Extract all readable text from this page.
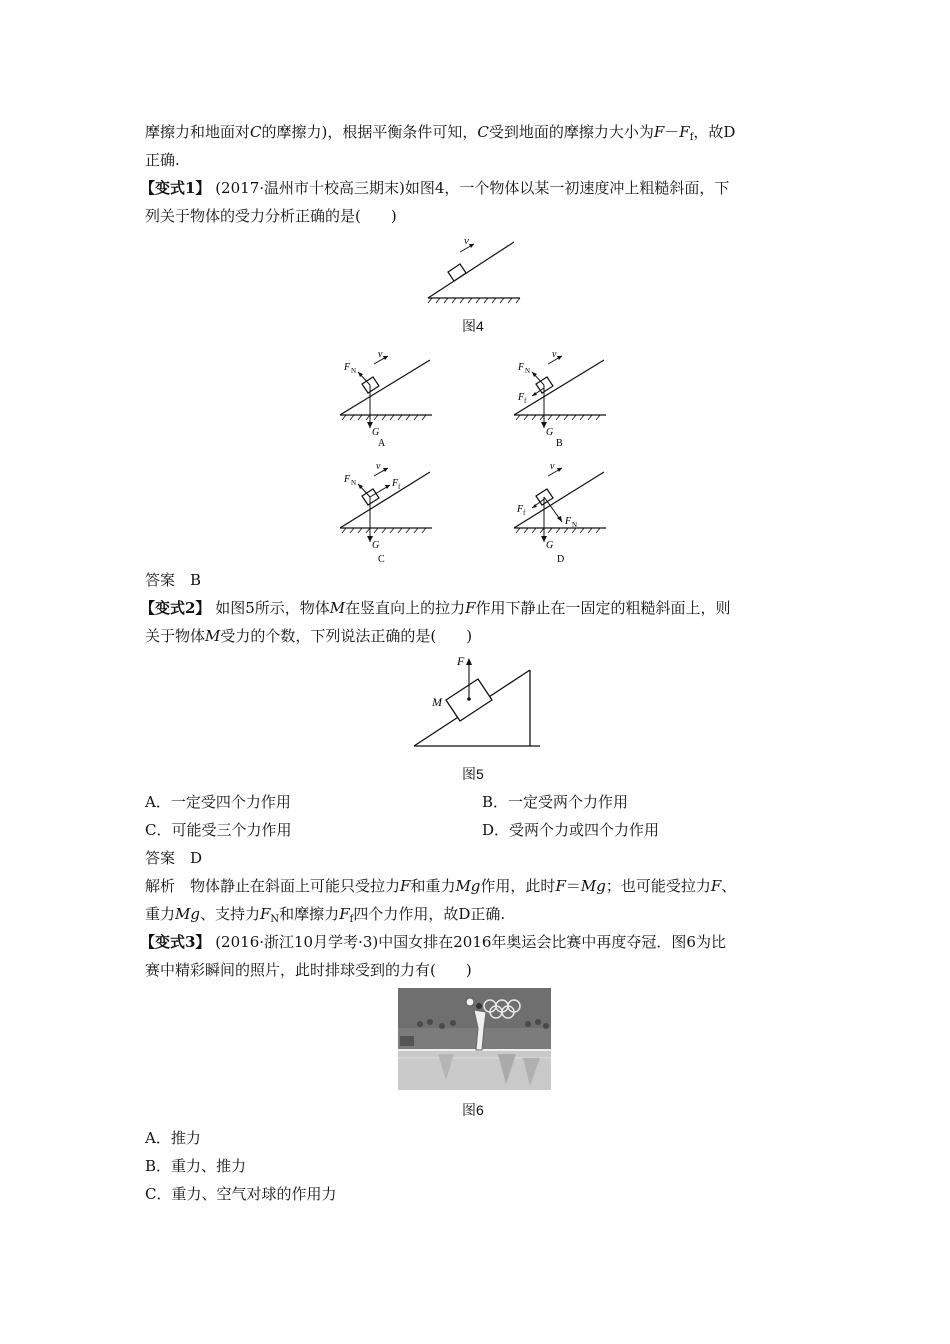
摩擦力和地面对C的摩擦力)，根据平衡条件可知，C受到地面的摩擦力大小为$F-F_f$，故D
正确.
【变式1】 (2017·温州市十校高三期末)如图4，一个物体以某一初速度冲上粗糙斜面，下
列关于物体的受力分析正确的是(　　)
v
图4
v
F N
G
A
v
F N
F f
G
B
v
F N	F f
G
C
v
F f
F N
G
D
答案　B
【变式2】 如图5所示，物体M在竖直向上的拉力F作用下静止在一固定的粗糙斜面上，则
关于物体M受力的个数，下列说法正确的是(　　)
F
M
图5
A．一定受四个力作用	B．一定受两个力作用
C．可能受三个力作用	D．受两个力或四个力作用
答案　D
解析　物体静止在斜面上可能只受拉力F和重力Mg作用，此时F＝Mg；也可能受拉力F、
重力Mg、支持力$F_N$和摩擦力$F_f$四个力作用，故D正确.
【变式3】 (2016·浙江10月学考·3)中国女排在2016年奥运会比赛中再度夺冠．图6为比
赛中精彩瞬间的照片，此时排球受到的力有(　　)
图6
A．推力
B．重力、推力
C．重力、空气对球的作用力
